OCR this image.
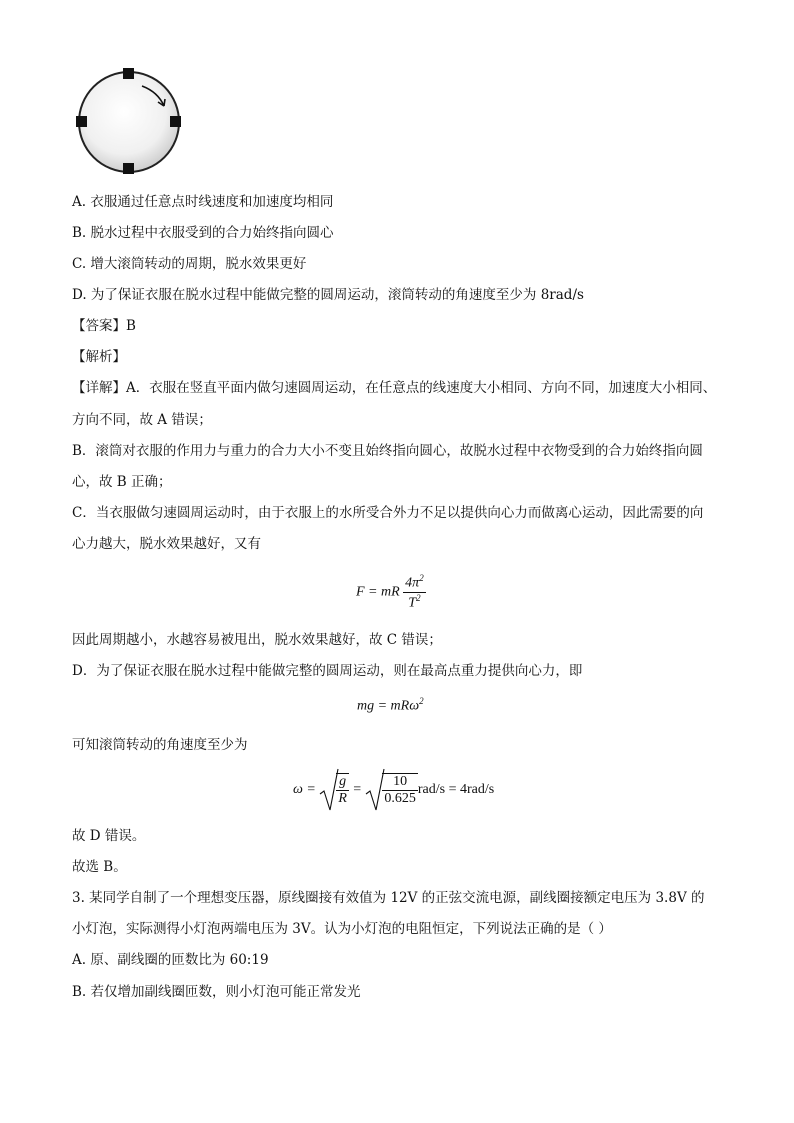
A. 衣服通过任意点时线速度和加速度均相同
B. 脱水过程中衣服受到的合力始终指向圆心
C. 增大滚筒转动的周期，脱水效果更好
D. 为了保证衣服在脱水过程中能做完整的圆周运动，滚筒转动的角速度至少为 8rad/s
【答案】B
【解析】
【详解】A．衣服在竖直平面内做匀速圆周运动，在任意点的线速度大小相同、方向不同，加速度大小相同、
方向不同，故 A 错误；
B．滚筒对衣服的作用力与重力的合力大小不变且始终指向圆心，故脱水过程中衣物受到的合力始终指向圆
心，故 B 正确；
C．当衣服做匀速圆周运动时，由于衣服上的水所受合外力不足以提供向心力而做离心运动，因此需要的向
心力越大，脱水效果越好，又有
F = mR $\frac{4\pi^2}{T^2}$
因此周期越小，水越容易被甩出，脱水效果越好，故 C 错误；
D．为了保证衣服在脱水过程中能做完整的圆周运动，则在最高点重力提供向心力，即
mg = mRω$^2$
可知滚筒转动的角速度至少为
$\omega = \frac{g}{R} = \frac{10}{0.625} rad/s = 4rad/s$
故 D 错误。
故选 B。
3. 某同学自制了一个理想变压器，原线圈接有效值为 12V 的正弦交流电源，副线圈接额定电压为 3.8V 的
小灯泡，实际测得小灯泡两端电压为 3V。认为小灯泡的电阻恒定，下列说法正确的是（ ）
A. 原、副线圈的匝数比为 60:19
B. 若仅增加副线圈匝数，则小灯泡可能正常发光
